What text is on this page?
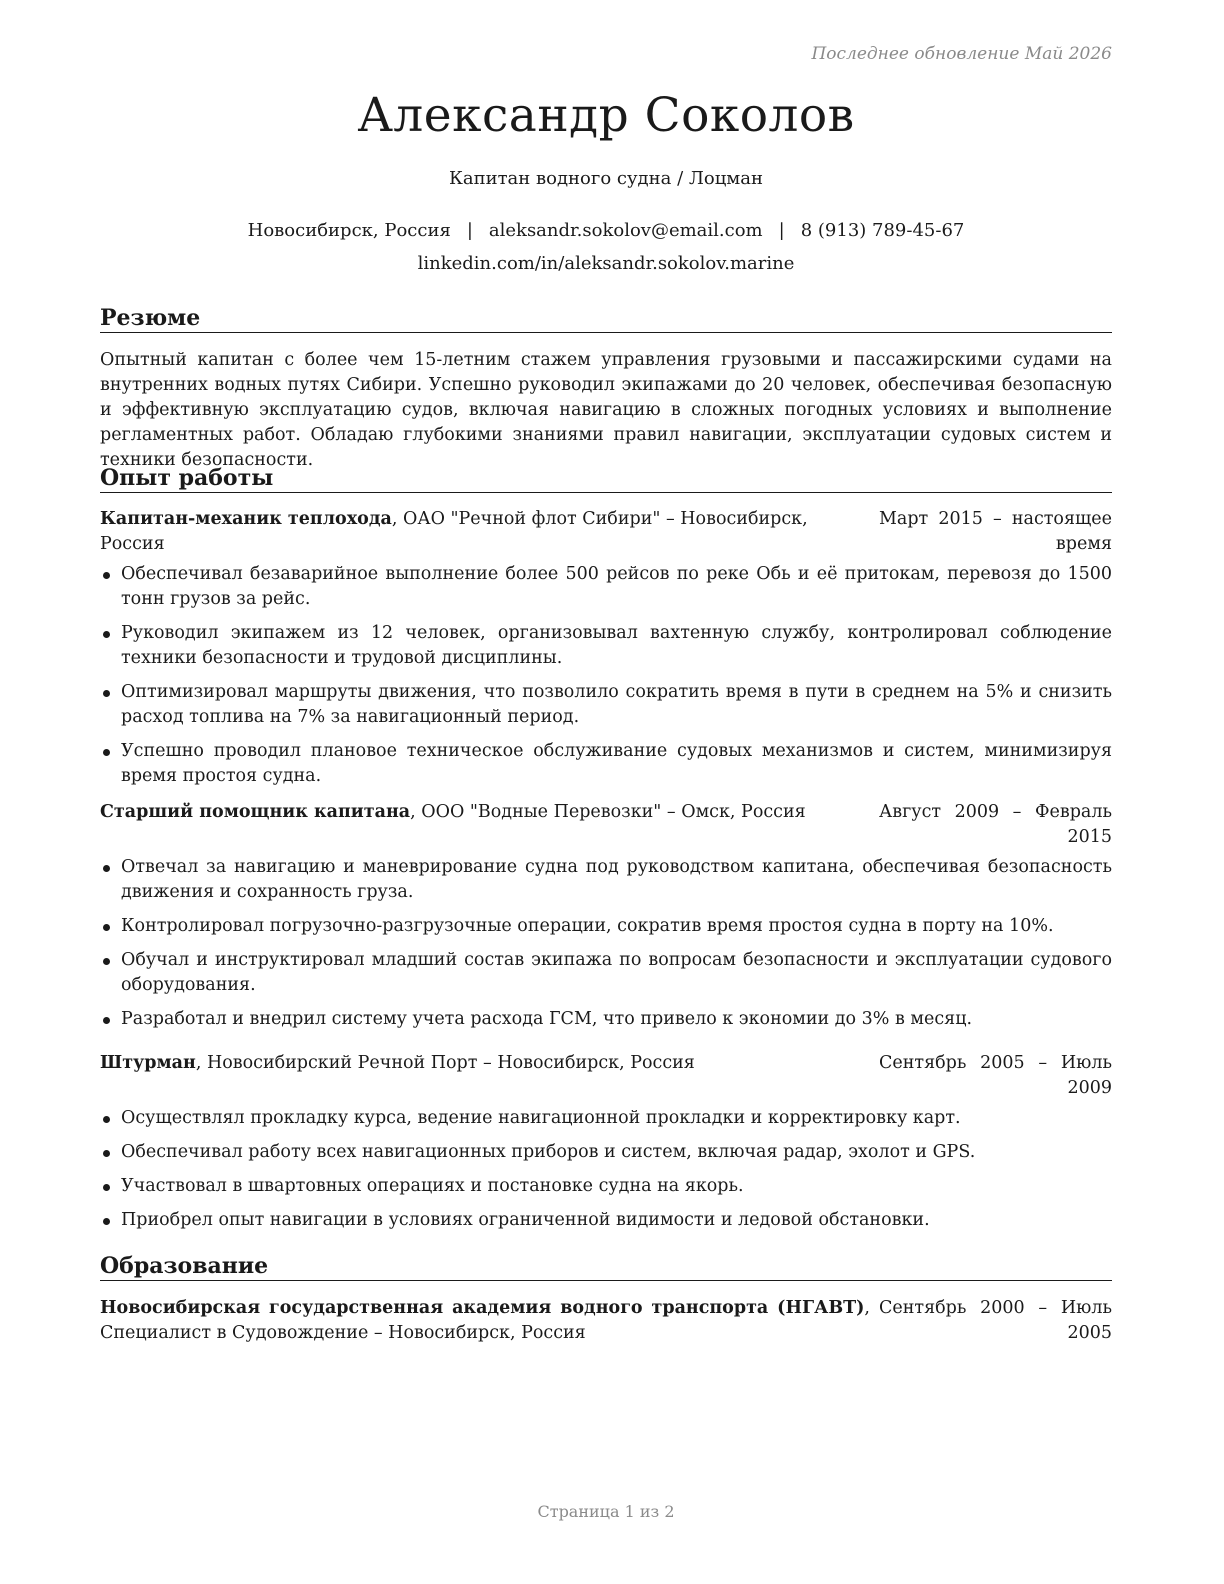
Последнее обновление Май 2026
Александр Соколов
Капитан водного судна / Лоцман
Новосибирск, Россия | aleksandr.sokolov@email.com | 8 (913) 789-45-67
linkedin.com/in/aleksandr.sokolov.marine
Резюме
Опытный капитан с более чем 15-летним стажем управления грузовыми и пассажирскими судами на внутренних водных путях Сибири. Успешно руководил экипажами до 20 человек, обеспечивая безопасную и эффективную эксплуатацию судов, включая навигацию в сложных погодных условиях и выполнение регламентных работ. Обладаю глубокими знаниями правил навигации, эксплуатации судовых систем и техники безопасности.
Опыт работы
Капитан-механик теплохода, ОАО "Речной флот Сибири" – Новосибирск, Россия
Март 2015 – настоящее время
Обеспечивал безаварийное выполнение более 500 рейсов по реке Обь и её притокам, перевозя до 1500 тонн грузов за рейс.
Руководил экипажем из 12 человек, организовывал вахтенную службу, контролировал соблюдение техники безопасности и трудовой дисциплины.
Оптимизировал маршруты движения, что позволило сократить время в пути в среднем на 5% и снизить расход топлива на 7% за навигационный период.
Успешно проводил плановое техническое обслуживание судовых механизмов и систем, минимизируя время простоя судна.
Старший помощник капитана, ООО "Водные Перевозки" – Омск, Россия	Август 2009 – Февраль 2015
Отвечал за навигацию и маневрирование судна под руководством капитана, обеспечивая безопасность движения и сохранность груза.
Контролировал погрузочно-разгрузочные операции, сократив время простоя судна в порту на 10%.
Обучал и инструктировал младший состав экипажа по вопросам безопасности и эксплуатации судового оборудования.
Разработал и внедрил систему учета расхода ГСМ, что привело к экономии до 3% в месяц.
Штурман, Новосибирский Речной Порт – Новосибирск, Россия	Сентябрь 2005 – Июль 2009
Осуществлял прокладку курса, ведение навигационной прокладки и корректировку карт.
Обеспечивал работу всех навигационных приборов и систем, включая радар, эхолот и GPS.
Участвовал в швартовных операциях и постановке судна на якорь.
Приобрел опыт навигации в условиях ограниченной видимости и ледовой обстановки.
Образование
Новосибирская государственная академия водного транспорта (НГАВТ), Специалист в Судовождение – Новосибирск, Россия
Сентябрь 2000 – Июль 2005
Страница 1 из 2
